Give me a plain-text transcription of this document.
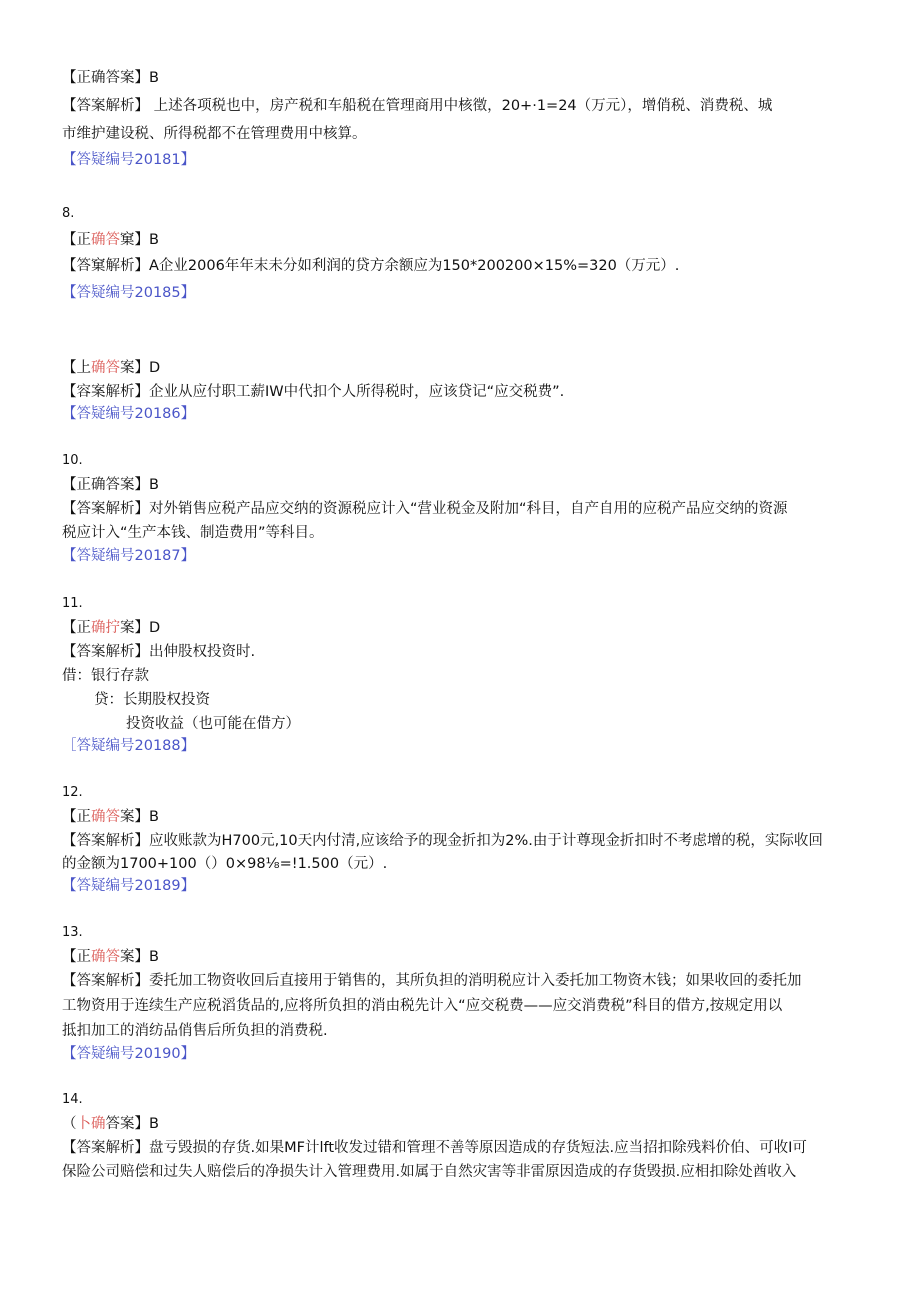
【正确答案】B
【答案解析】 上述各项税也中，房产税和车船税在管理商用中核徵，20+·1=24（万元），增俏税、消费税、城
市维护建设税、所得税都不在管理费用中核算。
【答疑编号20181】
8.
【正确答窠】B
【答窠解析】A企业2006年年末未分如利润的贷方余额应为150*200200×15%=320（万元）.
【答疑编号20185】
【上确答案】D
【容案解析】企业从应付职工薪IW中代扣个人所得税时，应该贷记“应交税费”.
【答疑编号20186】
10.
【正确答案】B
【答案解析】对外销售应税产品应交纳的资源税应计入“营业税金及附加“科目，自产自用的应税产品应交纳的资源
税应计入“生产本钱、制造费用”等科目。
【答疑编号20187】
11.
【正确拧案】D
【答案解析】出伸股权投资时.
借：银行存款
贷：长期股权投资
投资收益（也可能在借方）
［答疑编号20188】
12.
【正确答案】B
【答案解析】应收账款为H700元,10天内付清,应该给予的现金折扣为2%.由于计尊现金折扣时不考虑增的税，实际收回
的金额为1700+100（）0×98⅛=!1.500（元）.
【答疑编号20189】
13.
【正确答案】B
【答案解析】委托加工物资收回后直接用于销售的，其所负担的消明税应计入委托加工物资木钱；如果收回的委托加
工物资用于连续生产应税滔货品的,应将所负担的消由税先计入“应交税费——应交消费税”科目的借方,按规定用以
抵扣加工的消纺品俏售后所负担的消费税.
【答疑编号20190】
14.
（卜确答案】B
【答案解析】盘亏毁损的存货.如果MF计lft收发过错和管理不善等原因造成的存货短法.应当招扣除残料价伯、可收I可
保险公司赔偿和过失人赔偿后的净损失计入管理费用.如属于自然灾害等非雷原因造成的存货毁损.应相扣除处酋收入
